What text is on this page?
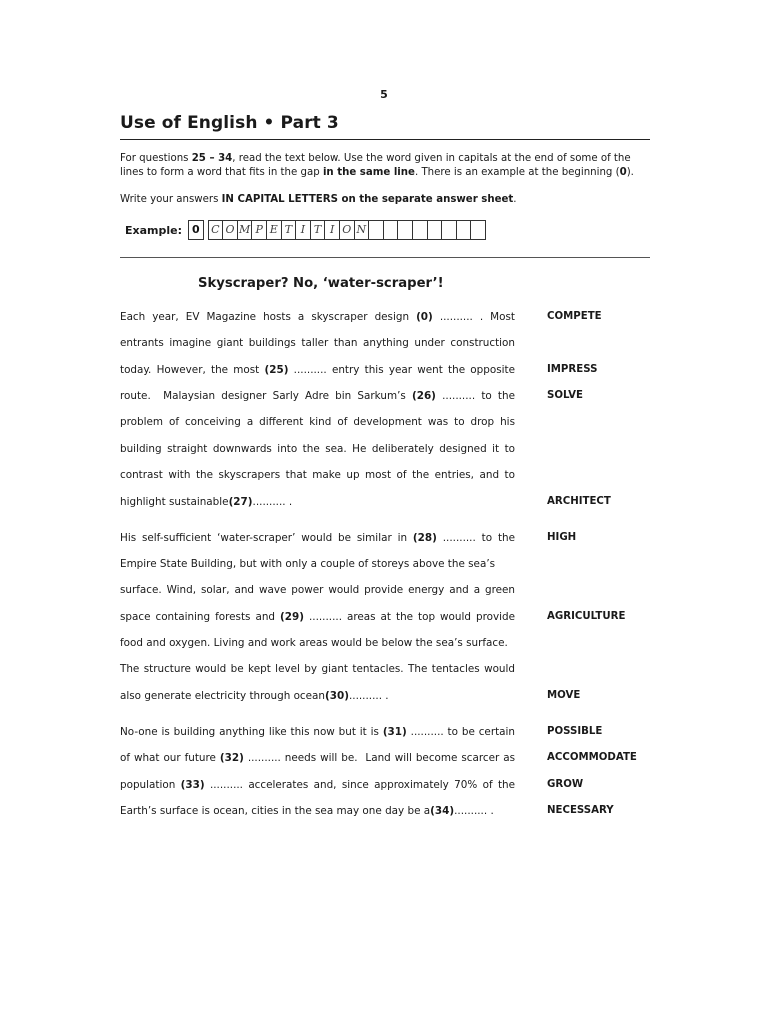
5
Use of English • Part 3
For questions 25 – 34, read the text below. Use the word given in capitals at the end of some of the lines to form a word that fits in the gap in the same line. There is an example at the beginning (0).
Write your answers IN CAPITAL LETTERS on the separate answer sheet.
Example: 0	C O M P E T I T I O N
Skyscraper? No, ‘water-scraper’!
Each year, EV Magazine hosts a skyscraper design (0) .......... . Most	COMPETE
entrants imagine giant buildings taller than anything under construction
today. However, the most (25) .......... entry this year went the opposite	IMPRESS
route.  Malaysian designer Sarly Adre bin Sarkum’s (26) .......... to the	SOLVE
problem of conceiving a different kind of development was to drop his
building straight downwards into the sea. He deliberately designed it to
contrast with the skyscrapers that make up most of the entries, and to
highlight sustainable (27) .......... .	ARCHITECT
His self-sufficient ‘water-scraper’ would be similar in (28) .......... to the	HIGH
Empire State Building, but with only a couple of storeys above the sea’s
surface. Wind, solar, and wave power would provide energy and a green
space containing forests and (29) .......... areas at the top would provide	AGRICULTURE
food and oxygen. Living and work areas would be below the sea’s surface.
The structure would be kept level by giant tentacles. The tentacles would
also generate electricity through ocean (30) .......... .	MOVE
No-one is building anything like this now but it is (31) .......... to be certain	POSSIBLE
of what our future (32) .......... needs will be.  Land will become scarcer as	ACCOMMODATE
population (33) .......... accelerates and, since approximately 70% of the	GROW
Earth’s surface is ocean, cities in the sea may one day be a (34) .......... .	NECESSARY
